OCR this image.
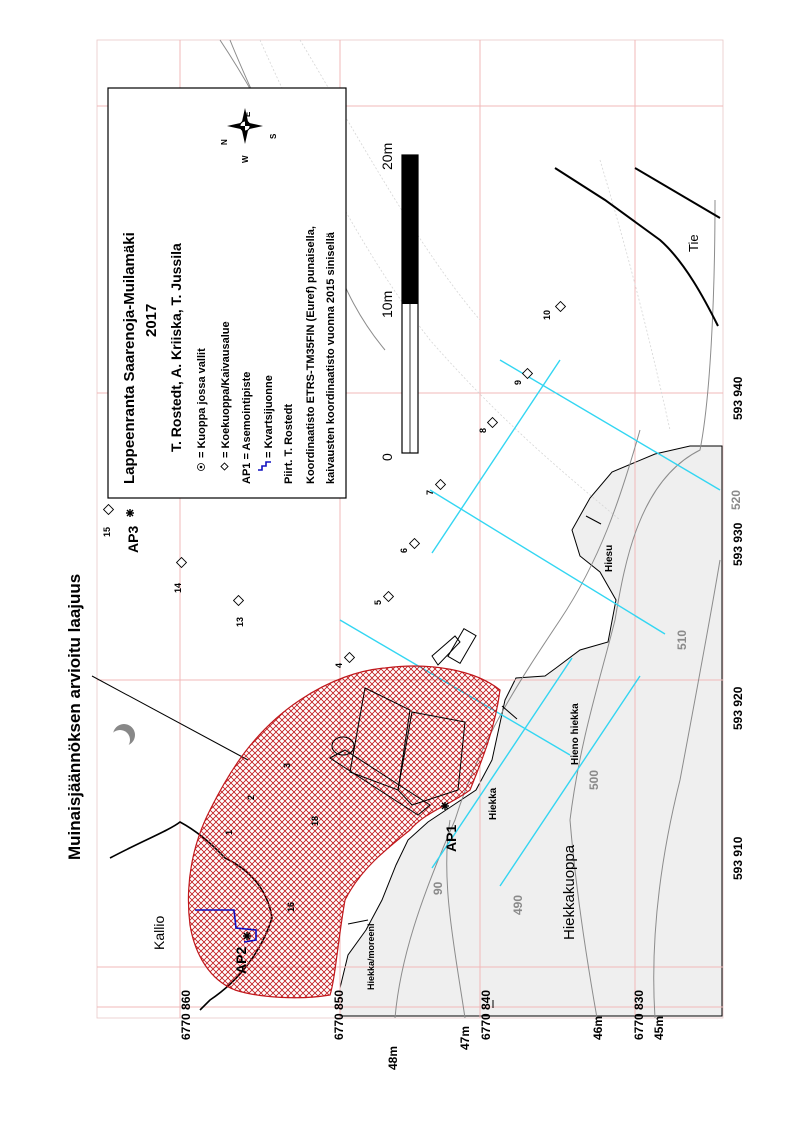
Muinaisjäännöksen arvioitu laajuus
6770 860	6770 850	6770 840	6770 830
593 910
593 920
593 930
593 940
48m
47m	46m	45m
490
500
510
520
90
Kallio	Hiekkakuoppa
Hiekka
Hieno hiekka
Hiesu
Hiekka/moreeni
Tie
AP1
AP2
AP3
1
2
3
4
5
6
7
8
9
10
13
14
15
16
18
Lappeenranta Saarenoja-Muilamäki 2017 T. Rostedt, A. Kriiska, T. Jussila = Kuoppa jossa vallit = Koekuoppa/Kaivausalue AP1 = Asemointipiste = Kvartsijuonne Piirt. T. Rostedt Koordinaatisto ETRS-TM35FIN (Euref) punaisella, kaivausten koordinaatisto vuonna 2015 sinisellä
N
E
S
W
0
10m
20m
